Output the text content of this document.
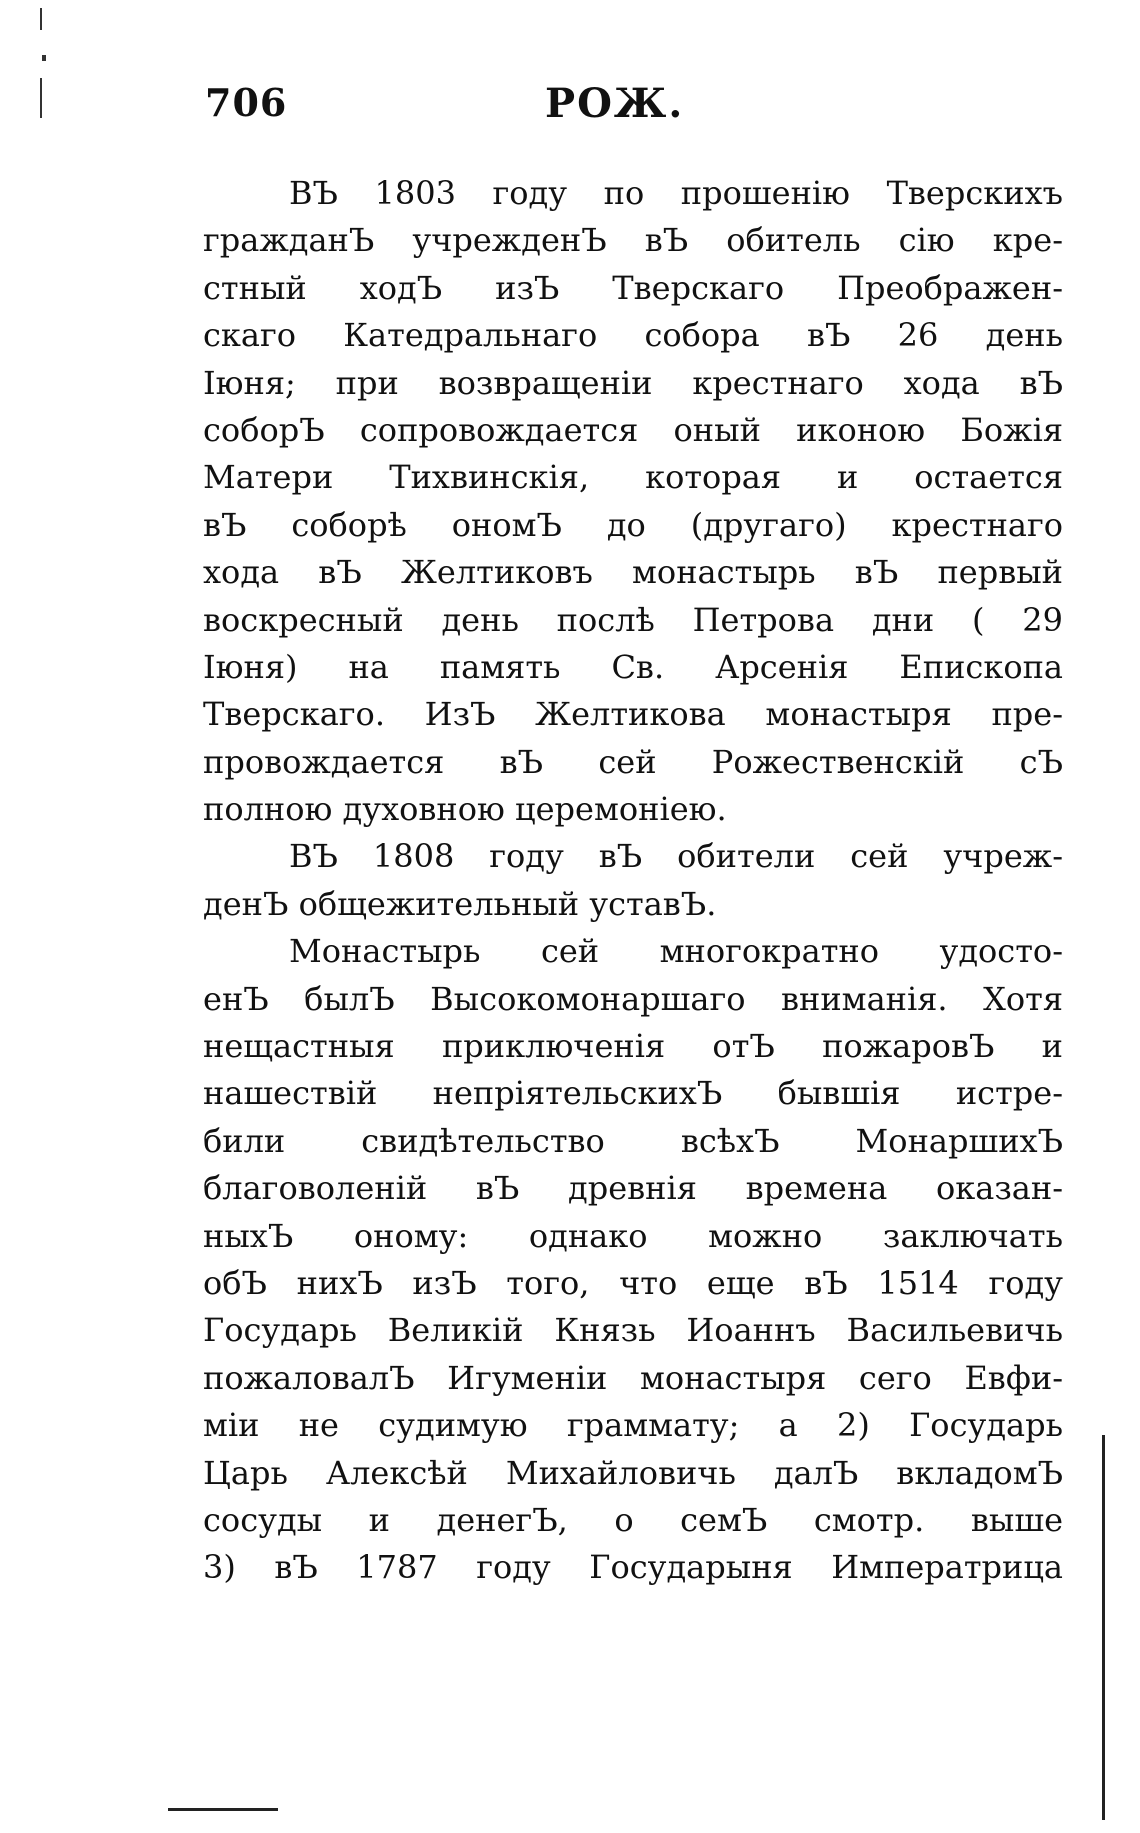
706	РОЖ.
ВЪ 1803 году по прошенію Тверскихъ
гражданЪ учрежденЪ вЪ обитель сію кре-
стный ходЪ изЪ Тверскаго Преображен-
скаго Катедральнаго собора вЪ 26 день
Іюня; при возвращеніи крестнаго хода вЪ
соборЪ сопровождается оный иконою Божія
Матери Тихвинскія, которая и остается
вЪ соборѣ ономЪ до (другаго) крестнаго
хода вЪ Желтиковъ монастырь вЪ первый
воскресный день послѣ Петрова дни ( 29
Іюня) на память Св. Арсенія Епископа
Тверскаго. ИзЪ Желтикова монастыря пре-
провождается вЪ сей Рожественскій сЪ
полною духовною церемоніею.
ВЪ 1808 году вЪ обители сей учреж-
денЪ общежительный уставЪ.
Монастырь сей многократно удосто-
енЪ былЪ Высокомонаршаго вниманія. Хотя
нещастныя приключенія отЪ пожаровЪ и
нашествій непріятельскихЪ бывшія истре-
били свидѣтельство всѣхЪ МонаршихЪ
благоволеній вЪ древнія времена оказан-
ныхЪ оному: однако можно заключать
обЪ нихЪ изЪ того, что еще вЪ 1514 году
Государь Великій Князь Иоаннъ Васильевичь
пожаловалЪ Игуменіи монастыря сего Евфи-
міи не судимую граммату; а 2) Государь
Царь Алексѣй Михайловичь далЪ вкладомЪ
сосуды и денегЪ, о семЪ смотр. выше
3) вЪ 1787 году Государыня Императрица
